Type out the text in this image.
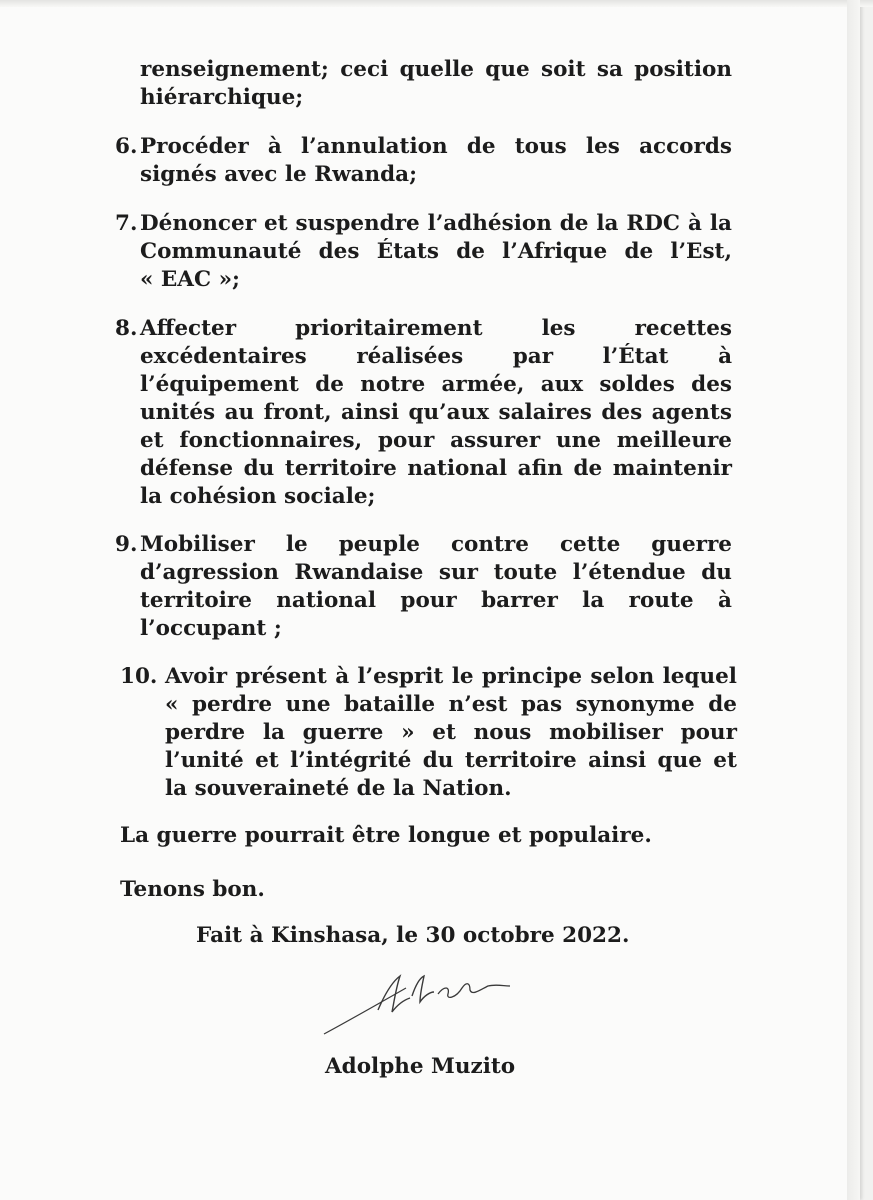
renseignement; ceci quelle que soit sa position
hiérarchique;
6. Procéder à l’annulation de tous les accords
signés avec le Rwanda;
7. Dénoncer et suspendre l’adhésion de la RDC à la
Communauté des États de l’Afrique de l’Est,
« EAC »;
8. Affecter	prioritairement	les	recettes
excédentaires réalisées par l’État à
l’équipement de notre armée, aux soldes des
unités au front, ainsi qu’aux salaires des agents
et fonctionnaires, pour assurer une meilleure
défense du territoire national afin de maintenir
la cohésion sociale;
9. Mobiliser le peuple contre cette guerre
d’agression Rwandaise sur toute l’étendue du
territoire national pour barrer la route à
l’occupant ;
10. Avoir présent à l’esprit le principe selon lequel
« perdre une bataille n’est pas synonyme de
perdre la guerre » et nous mobiliser pour
l’unité et l’intégrité du territoire ainsi que et
la souveraineté de la Nation.
La guerre pourrait être longue et populaire.
Tenons bon.
Fait à Kinshasa, le 30 octobre 2022.
Adolphe Muzito
